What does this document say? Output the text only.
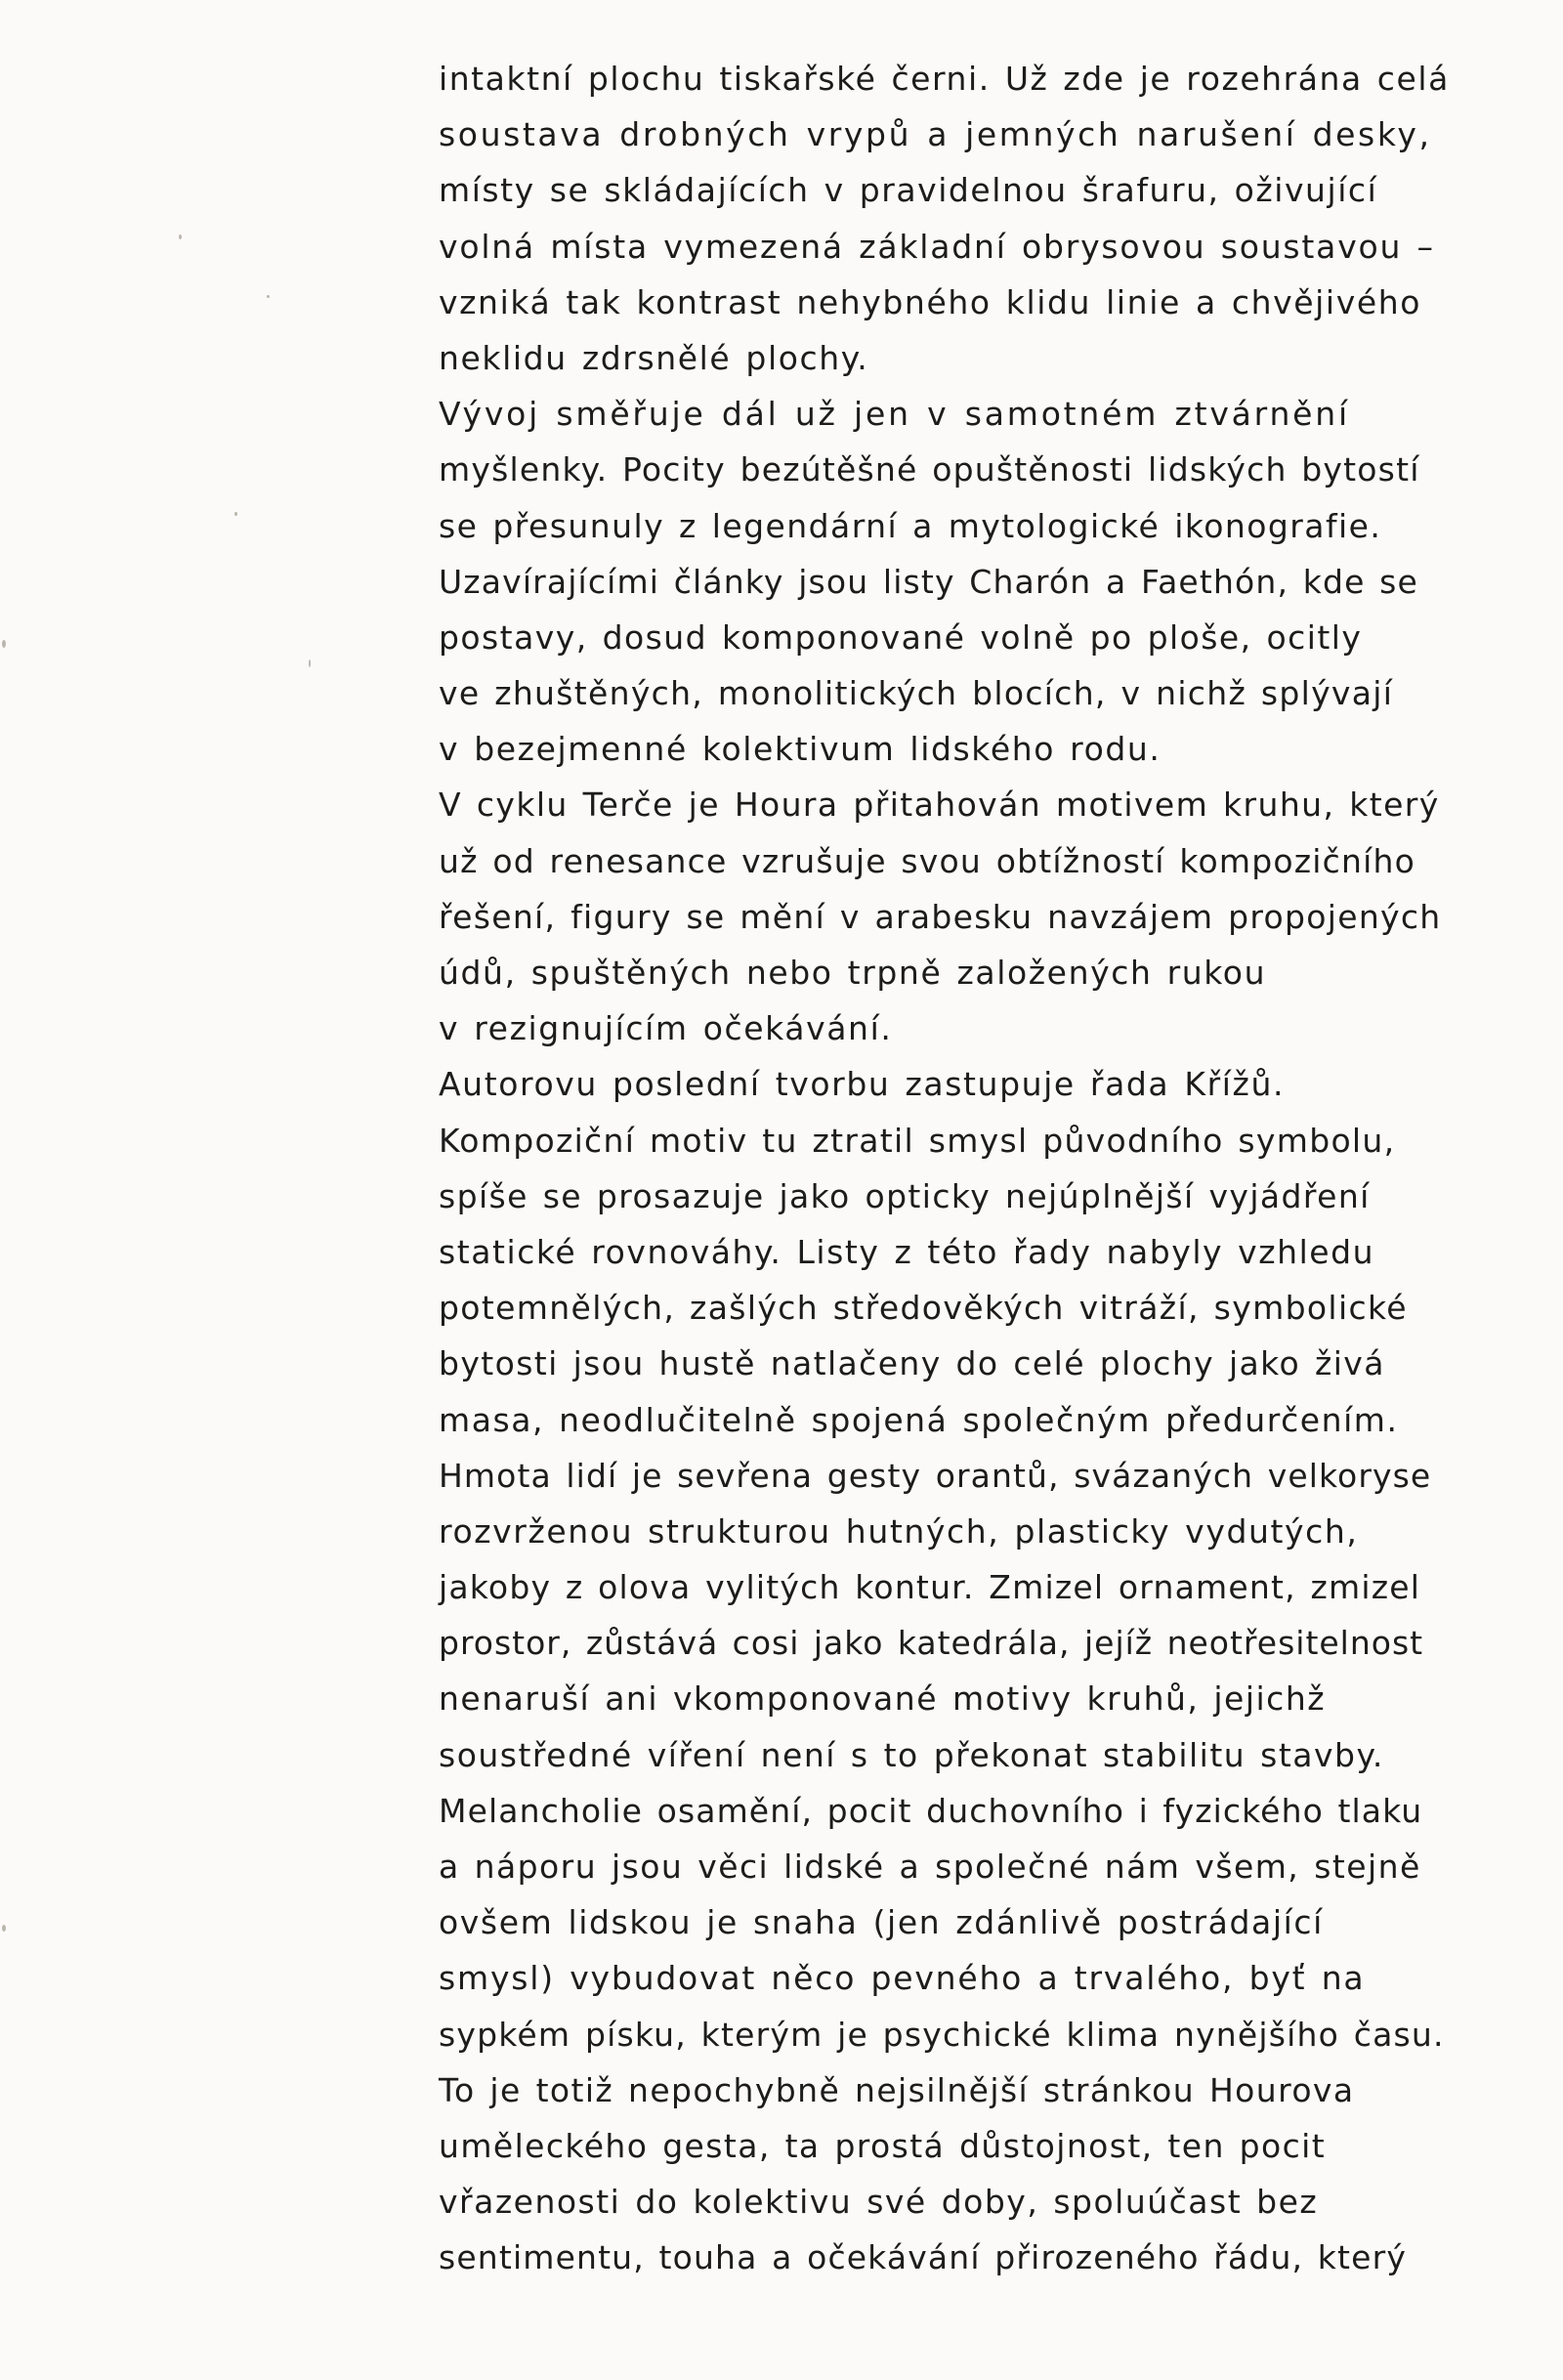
intaktní plochu tiskařské černi. Už zde je rozehrána celá
soustava drobných vrypů a jemných narušení desky,
místy se skládajících v pravidelnou šrafuru, oživující
volná místa vymezená základní obrysovou soustavou –
vzniká tak kontrast nehybného klidu linie a chvějivého
neklidu zdrsnělé plochy.
Vývoj směřuje dál už jen v samotném ztvárnění
myšlenky. Pocity bezútěšné opuštěnosti lidských bytostí
se přesunuly z legendární a mytologické ikonografie.
Uzavírajícími články jsou listy Charón a Faethón, kde se
postavy, dosud komponované volně po ploše, ocitly
ve zhuštěných, monolitických blocích, v nichž splývají
v bezejmenné kolektivum lidského rodu.
V cyklu Terče je Houra přitahován motivem kruhu, který
už od renesance vzrušuje svou obtížností kompozičního
řešení, figury se mění v arabesku navzájem propojených
údů, spuštěných nebo trpně založených rukou
v rezignujícím očekávání.
Autorovu poslední tvorbu zastupuje řada Křížů.
Kompoziční motiv tu ztratil smysl původního symbolu,
spíše se prosazuje jako opticky nejúplnější vyjádření
statické rovnováhy. Listy z této řady nabyly vzhledu
potemnělých, zašlých středověkých vitráží, symbolické
bytosti jsou hustě natlačeny do celé plochy jako živá
masa, neodlučitelně spojená společným předurčením.
Hmota lidí je sevřena gesty orantů, svázaných velkoryse
rozvrženou strukturou hutných, plasticky vydutých,
jakoby z olova vylitých kontur. Zmizel ornament, zmizel
prostor, zůstává cosi jako katedrála, jejíž neotřesitelnost
nenaruší ani vkomponované motivy kruhů, jejichž
soustředné víření není s to překonat stabilitu stavby.
Melancholie osamění, pocit duchovního i fyzického tlaku
a náporu jsou věci lidské a společné nám všem, stejně
ovšem lidskou je snaha (jen zdánlivě postrádající
smysl) vybudovat něco pevného a trvalého, byť na
sypkém písku, kterým je psychické klima nynějšího času.
To je totiž nepochybně nejsilnější stránkou Hourova
uměleckého gesta, ta prostá důstojnost, ten pocit
vřazenosti do kolektivu své doby, spoluúčast bez
sentimentu, touha a očekávání přirozeného řádu, který
